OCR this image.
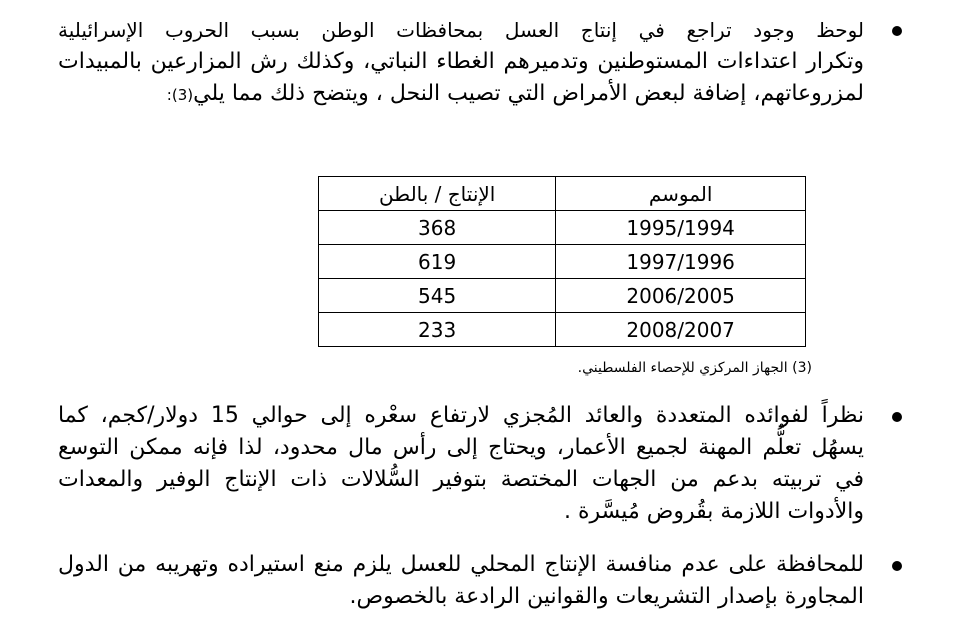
لوحظ وجود تراجع في إنتاج العسل بمحافظات الوطن بسبب الحروب الإسرائيلية
وتكرار اعتداءات المستوطنين وتدميرهم الغطاء النباتي، وكذلك رش المزارعين بالمبيدات
لمزروعاتهم، إضافة لبعض الأمراض التي تصيب النحل ، ويتضح ذلك مما يلي(3):
الموسم	الإنتاج / بالطن
1995/1994	368
1997/1996	619
2006/2005	545
2008/2007	233
(3) الجهاز المركزي للإحصاء الفلسطيني.
نظراً لفوائده المتعددة والعائد المُجزي لارتفاع سعْره إلى حوالي 15 دولار/كجم، كما
يسهُل تعلُّم المهنة لجميع الأعمار، ويحتاج إلى رأس مال محدود، لذا فإنه ممكن التوسع
في تربيته بدعم من الجهات المختصة بتوفير السُّلالات ذات الإنتاج الوفير والمعدات
والأدوات اللازمة بقُروض مُيسَّرة .
للمحافظة على عدم منافسة الإنتاج المحلي للعسل يلزم منع استيراده وتهريبه من الدول
المجاورة بإصدار التشريعات والقوانين الرادعة بالخصوص.
